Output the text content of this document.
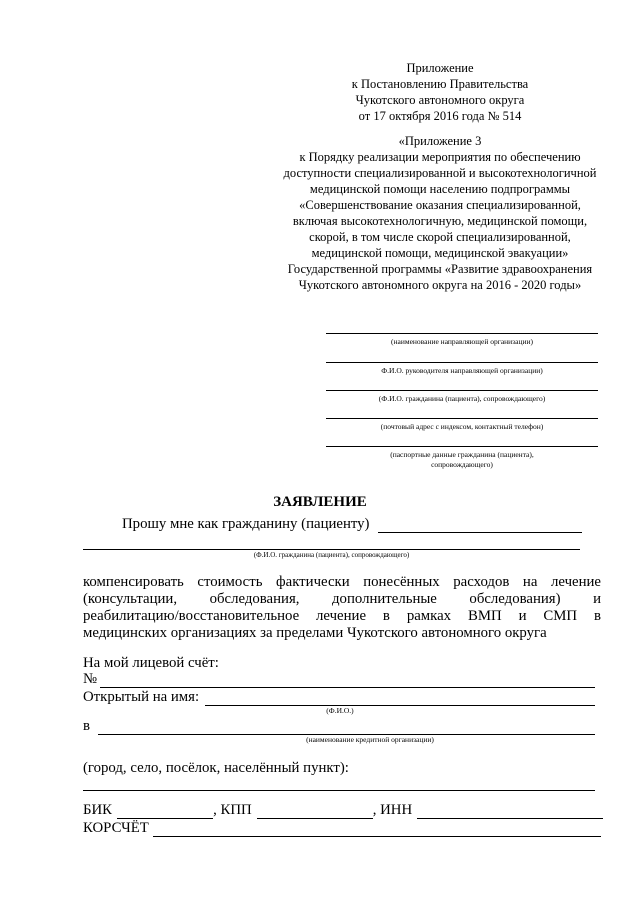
Приложение
к Постановлению Правительства
Чукотского автономного округа
от 17 октября 2016 года № 514
«Приложение 3
к Порядку реализации мероприятия по обеспечению
доступности специализированной и высокотехнологичной
медицинской помощи населению подпрограммы
«Совершенствование оказания специализированной,
включая высокотехнологичную, медицинской помощи,
скорой, в том числе скорой специализированной,
медицинской помощи, медицинской эвакуации»
Государственной программы «Развитие здравоохранения
Чукотского автономного округа на 2016 - 2020 годы»
(наименование направляющей организации)
Ф.И.О. руководителя направляющей организации)
(Ф.И.О. гражданина (пациента), сопровождающего)
(почтовый адрес с индексом, контактный телефон)
(паспортные данные гражданина (пациента),
сопровождающего)
ЗАЯВЛЕНИЕ
Прошу мне как гражданину (пациенту)
(Ф.И.О. гражданина (пациента), сопровождающего)
компенсировать стоимость фактически понесённых расходов на лечение
(консультации, обследования, дополнительные обследования) и
реабилитацию/восстановительное лечение в рамках ВМП и СМП в
медицинских организациях за пределами Чукотского автономного округа
На мой лицевой счёт:
№
Открытый на имя:
(Ф.И.О.)
в
(наименование кредитной организации)
(город, село, посёлок, населённый пункт):
БИК	, КПП	, ИНН
КОРСЧЁТ
